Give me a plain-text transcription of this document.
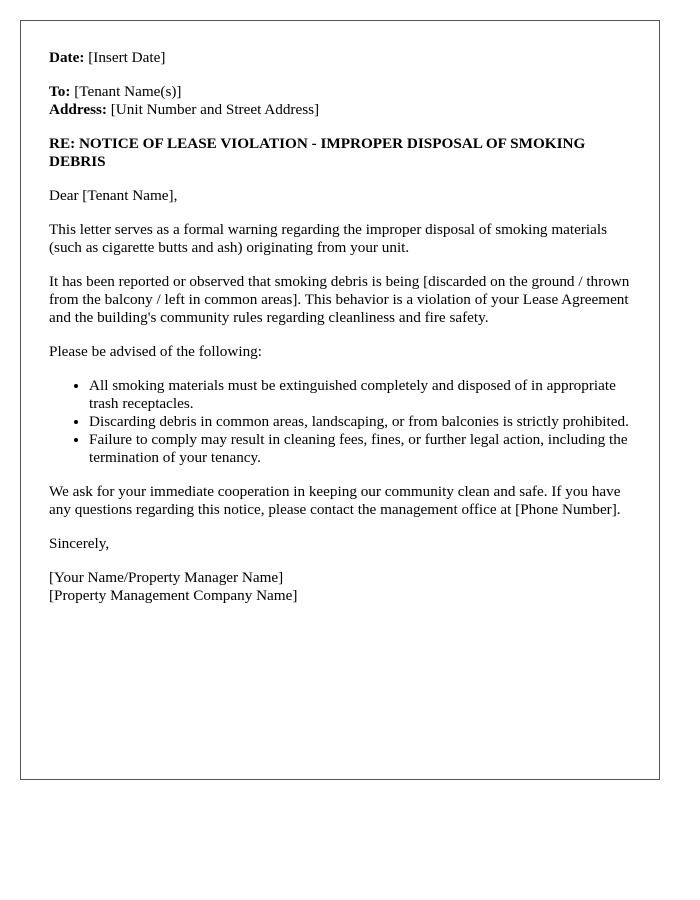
Date: [Insert Date]
To: [Tenant Name(s)]
Address: [Unit Number and Street Address]
RE: NOTICE OF LEASE VIOLATION - IMPROPER DISPOSAL OF SMOKING DEBRIS
Dear [Tenant Name],
This letter serves as a formal warning regarding the improper disposal of smoking materials (such as cigarette butts and ash) originating from your unit.
It has been reported or observed that smoking debris is being [discarded on the ground / thrown from the balcony / left in common areas]. This behavior is a violation of your Lease Agreement and the building's community rules regarding cleanliness and fire safety.
Please be advised of the following:
• All smoking materials must be extinguished completely and disposed of in appropriate trash receptacles.
• Discarding debris in common areas, landscaping, or from balconies is strictly prohibited.
• Failure to comply may result in cleaning fees, fines, or further legal action, including the termination of your tenancy.
We ask for your immediate cooperation in keeping our community clean and safe. If you have any questions regarding this notice, please contact the management office at [Phone Number].
Sincerely,
[Your Name/Property Manager Name]
[Property Management Company Name]
